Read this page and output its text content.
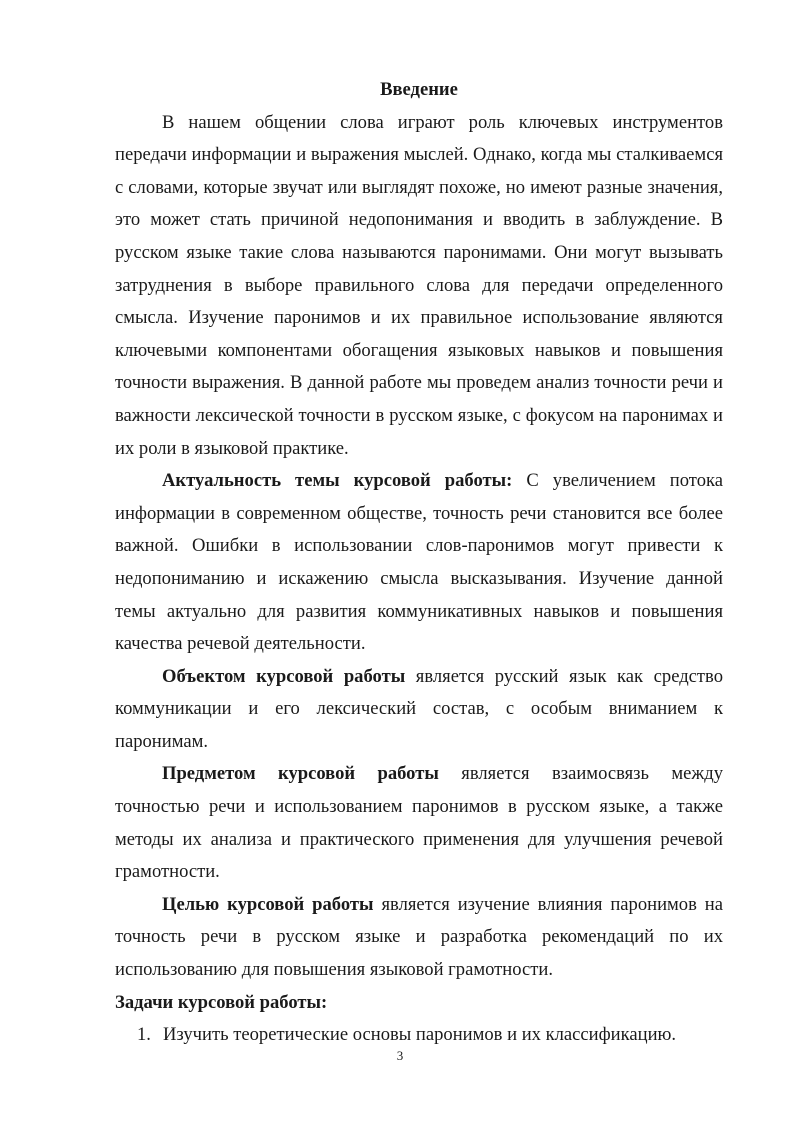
Введение

В нашем общении слова играют роль ключевых инструментов передачи информации и выражения мыслей. Однако, когда мы сталкиваемся с словами, которые звучат или выглядят похоже, но имеют разные значения, это может стать причиной недопонимания и вводить в заблуждение. В русском языке такие слова называются паронимами. Они могут вызывать затруднения в выборе правильного слова для передачи определенного смысла. Изучение паронимов и их правильное использование являются ключевыми компонентами обогащения языковых навыков и повышения точности выражения. В данной работе мы проведем анализ точности речи и важности лексической точности в русском языке, с фокусом на паронимах и их роли в языковой практике.

Актуальность темы курсовой работы: С увеличением потока информации в современном обществе, точность речи становится все более важной. Ошибки в использовании слов-паронимов могут привести к недопониманию и искажению смысла высказывания. Изучение данной темы актуально для развития коммуникативных навыков и повышения качества речевой деятельности.

Объектом курсовой работы является русский язык как средство коммуникации и его лексический состав, с особым вниманием к паронимам.

Предметом курсовой работы является взаимосвязь между точностью речи и использованием паронимов в русском языке, а также методы их анализа и практического применения для улучшения речевой грамотности.

Целью курсовой работы является изучение влияния паронимов на точность речи в русском языке и разработка рекомендаций по их использованию для повышения языковой грамотности.

Задачи курсовой работы:

1. Изучить теоретические основы паронимов и их классификацию.
3
